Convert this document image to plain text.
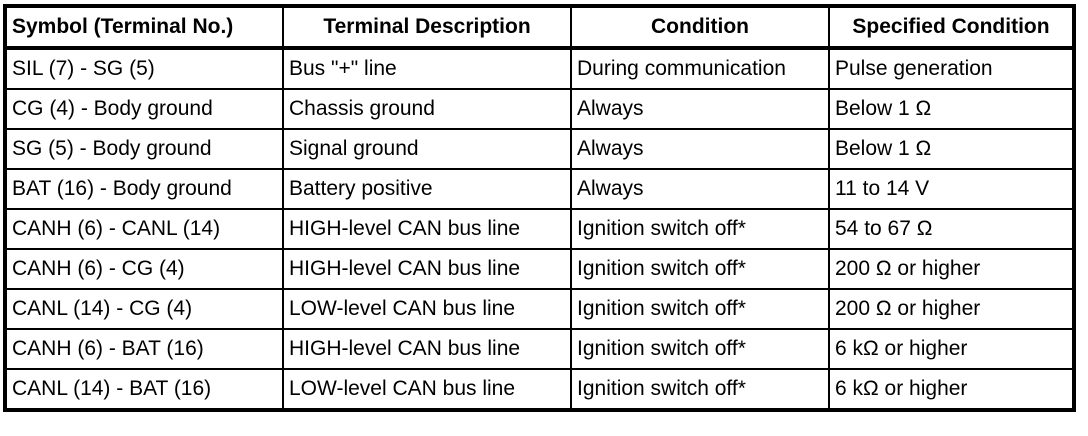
Symbol (Terminal No.)	Terminal Description	Condition	Specified Condition
SIL (7) - SG (5)	Bus "+" line	During communication	Pulse generation
CG (4) - Body ground	Chassis ground	Always	Below 1 Ω
SG (5) - Body ground	Signal ground	Always	Below 1 Ω
BAT (16) - Body ground	Battery positive	Always	11 to 14 V
CANH (6) - CANL (14)	HIGH-level CAN bus line	Ignition switch off*	54 to 67 Ω
CANH (6) - CG (4)	HIGH-level CAN bus line	Ignition switch off*	200 Ω or higher
CANL (14) - CG (4)	LOW-level CAN bus line	Ignition switch off*	200 Ω or higher
CANH (6) - BAT (16)	HIGH-level CAN bus line	Ignition switch off*	6 kΩ or higher
CANL (14) - BAT (16)	LOW-level CAN bus line	Ignition switch off*	6 kΩ or higher
